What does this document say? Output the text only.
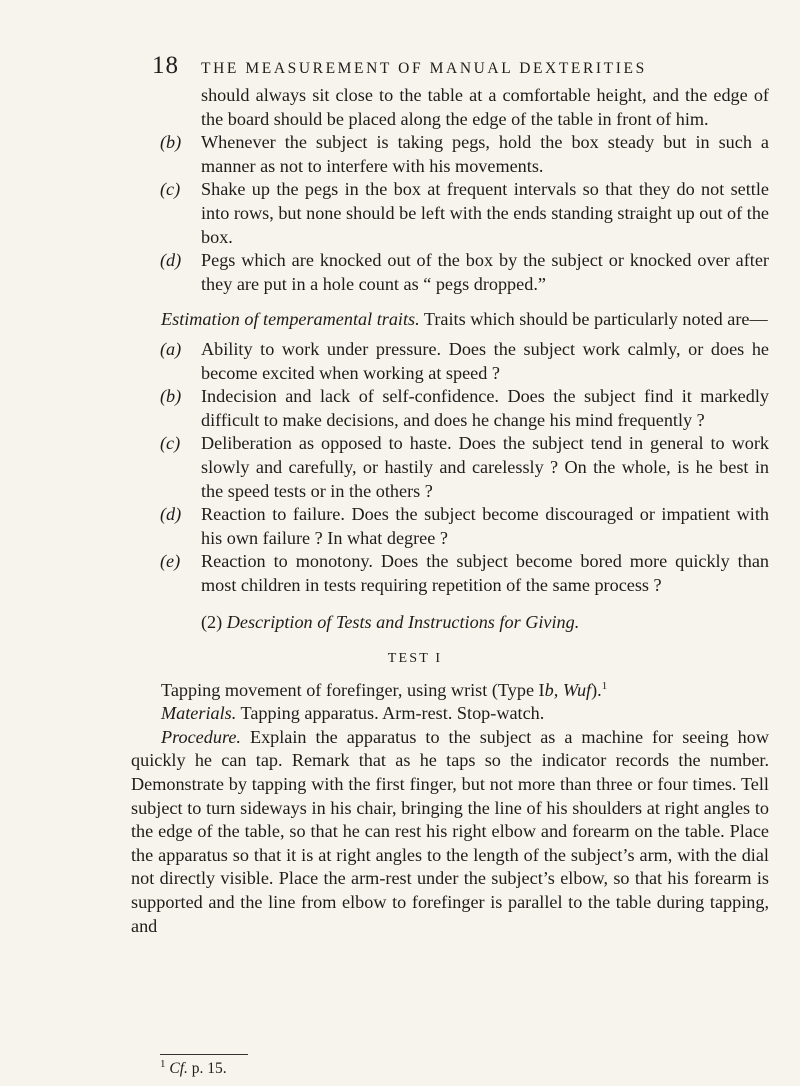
18 THE MEASUREMENT OF MANUAL DEXTERITIES

should always sit close to the table at a comfortable height, and the edge of the board should be placed along the edge of the table in front of him.

(b)	Whenever the subject is taking pegs, hold the box steady but in such a manner as not to interfere with his movements.
(c)	Shake up the pegs in the box at frequent intervals so that they do not settle into rows, but none should be left with the ends standing straight up out of the box.
(d)	Pegs which are knocked out of the box by the subject or knocked over after they are put in a hole count as “ pegs dropped.”

Estimation of temperamental traits. Traits which should be particularly noted are—

(a)	Ability to work under pressure. Does the subject work calmly, or does he become excited when working at speed ?
(b)	Indecision and lack of self-confidence. Does the subject find it markedly difficult to make decisions, and does he change his mind frequently ?
(c)	Deliberation as opposed to haste. Does the subject tend in general to work slowly and carefully, or hastily and carelessly ? On the whole, is he best in the speed tests or in the others ?
(d)	Reaction to failure. Does the subject become discouraged or impatient with his own failure ? In what degree ?
(e)	Reaction to monotony. Does the subject become bored more quickly than most children in tests requiring repetition of the same process ?

(2) Description of Tests and Instructions for Giving.

TEST I

Tapping movement of forefinger, using wrist (Type Ib, Wuf).$^1$

Materials. Tapping apparatus. Arm-rest. Stop-watch.

Procedure. Explain the apparatus to the subject as a machine for seeing how quickly he can tap. Remark that as he taps so the indicator records the number. Demonstrate by tapping with the first finger, but not more than three or four times. Tell subject to turn sideways in his chair, bringing the line of his shoulders at right angles to the edge of the table, so that he can rest his right elbow and forearm on the table. Place the apparatus so that it is at right angles to the length of the subject’s arm, with the dial not directly visible. Place the arm-rest under the subject’s elbow, so that his forearm is supported and the line from elbow to forefinger is parallel to the table during tapping, and

$^1$ Cf. p. 15.
